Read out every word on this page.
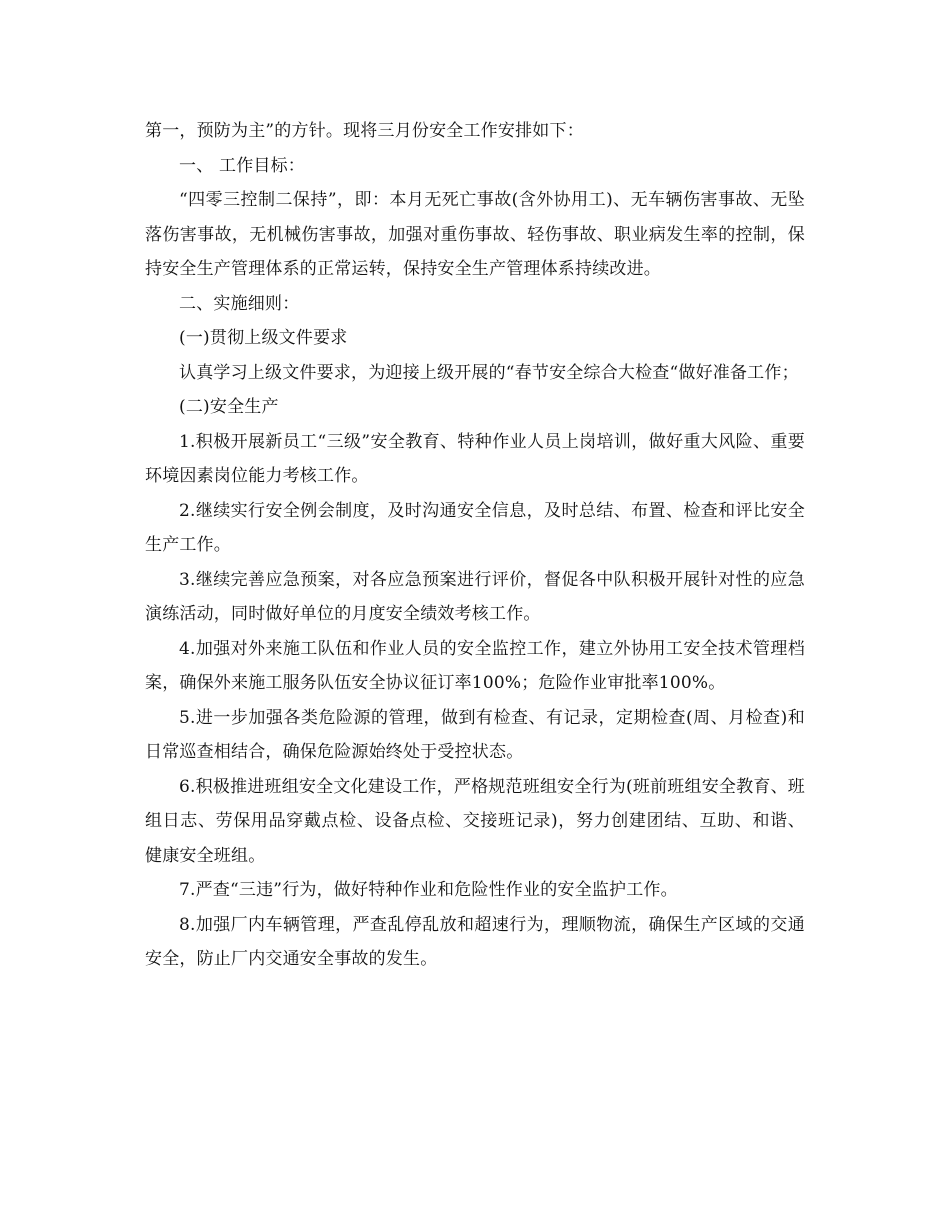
第一，预防为主”的方针。现将三月份安全工作安排如下：

一、 工作目标：

“四零三控制二保持”，即：本月无死亡事故(含外协用工)、无车辆伤害事故、无坠落伤害事故，无机械伤害事故，加强对重伤事故、轻伤事故、职业病发生率的控制，保持安全生产管理体系的正常运转，保持安全生产管理体系持续改进。

二、实施细则：

(一)贯彻上级文件要求

认真学习上级文件要求，为迎接上级开展的“春节安全综合大检查“做好准备工作；

(二)安全生产

1.积极开展新员工“三级”安全教育、特种作业人员上岗培训，做好重大风险、重要环境因素岗位能力考核工作。

2.继续实行安全例会制度，及时沟通安全信息，及时总结、布置、检查和评比安全生产工作。

3.继续完善应急预案，对各应急预案进行评价，督促各中队积极开展针对性的应急演练活动，同时做好单位的月度安全绩效考核工作。

4.加强对外来施工队伍和作业人员的安全监控工作，建立外协用工安全技术管理档案，确保外来施工服务队伍安全协议征订率100%；危险作业审批率100%。

5.进一步加强各类危险源的管理，做到有检查、有记录，定期检查(周、月检查)和日常巡查相结合，确保危险源始终处于受控状态。

6.积极推进班组安全文化建设工作，严格规范班组安全行为(班前班组安全教育、班组日志、劳保用品穿戴点检、设备点检、交接班记录)，努力创建团结、互助、和谐、健康安全班组。

7.严查“三违”行为，做好特种作业和危险性作业的安全监护工作。

8.加强厂内车辆管理，严查乱停乱放和超速行为，理顺物流，确保生产区域的交通安全，防止厂内交通安全事故的发生。
